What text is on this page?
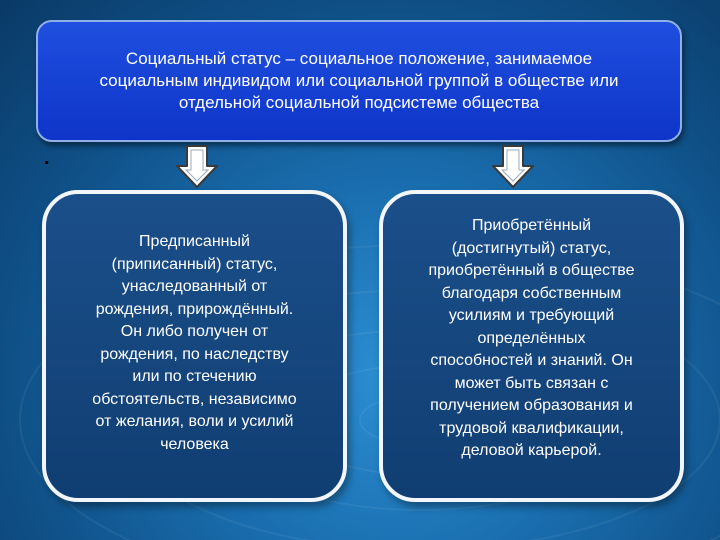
Социальный статус – социальное положение, занимаемое
социальным индивидом или социальной группой в обществе или
отдельной социальной подсистеме общества
.
Предписанный
(приписанный) статус,
унаследованный от
рождения, прирождённый.
Он либо получен от
рождения, по наследству
или по стечению
обстоятельств, независимо
от желания, воли и усилий
человека
Приобретённый
(достигнутый) статус,
приобретённый в обществе
благодаря собственным
усилиям и требующий
определённых
способностей и знаний. Он
может быть связан с
получением образования и
трудовой квалификации,
деловой карьерой.
